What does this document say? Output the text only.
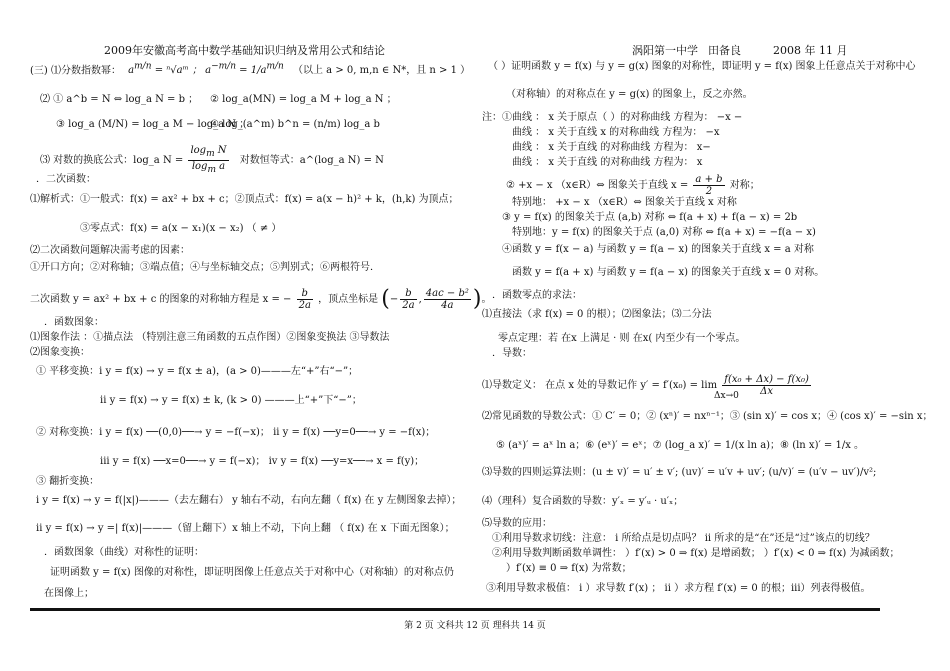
2009年安徽高考高中数学基础知识归纳及常用公式和结论	涡阳第一中学 田备良	2008 年 11 月
(三) ⑴分数指数幂： $a^{m/n}$ = ⁿ√aᵐ ； $a^{-m/n} = 1/a^{m/n}$ （以上 a > 0, m,n ∈ N*，且 n > 1 ）
⑵ ① a^b = N ⇔ log_a N = b ； ② log_a(MN) = log_a M + log_a N ；
③ log_a (M/N) = log_a M − log_a N ；
④ log_(a^m) b^n = (n/m) log_a b
⑶ 对数的换底公式：log_a $N = \frac{\log_m N}{\log_m a}$ 对数恒等式：a^(log_a N) = N
．二次函数：
⑴解析式：①一般式：f(x) = ax² + bx + c；②顶点式：f(x) = a(x − h)² + k，(h,k) 为顶点；
③零点式：f(x) = a(x − x₁)(x − x₂) （ ≠ ）
⑵二次函数问题解决需考虑的因素：
①开口方向；②对称轴；③端点值；④与坐标轴交点；⑤判别式；⑥两根符号．
二次函数 y = ax² + bx + c 的图象的对称轴方程是 x = − $\frac{b}{2a}$ ，顶点坐标是 (− $\frac{b}{2a}$ , $\frac{\text{4ac − b²}}{4a}$ )。
．函数图象：
⑴图象作法 ：①描点法 （特别注意三角函数的五点作图）②图象变换法 ③导数法
⑵图象变换：
① 平移变换：i y = f(x) → y = f(x ± a)，(a > 0)———左“+”右“−”；
ii y = f(x) → y = f(x) ± k, (k > 0) ———上“+”下“−”；
② 对称变换：i y = f(x) ──(0,0)──→ y = −f(−x)； ii y = f(x) ──y=0──→ y = −f(x)；
iii y = f(x) ──x=0──→ y = f(−x)； iv y = f(x) ──y=x──→ x = f(y)；
③ 翻折变换：
i y = f(x) → y = f(|x|)———（去左翻右） y 轴右不动，右向左翻（ f(x) 在 y 左侧图象去掉）；
ii y = f(x) → y =| f(x)|———（留上翻下）x 轴上不动，下向上翻 （ f(x) 在 x 下面无图象）；
．函数图象（曲线）对称性的证明：
证明函数 y = f(x) 图像的对称性，即证明图像上任意点关于对称中心（对称轴）的对称点仍
在图像上；
（ ）证明函数 y = f(x) 与 y = g(x) 图象的对称性，即证明 y = f(x) 图象上任意点关于对称中心
（对称轴）的对称点在 y = g(x) 的图象上，反之亦然。
注：①曲线 ： x 关于原点（ ）的对称曲线 方程为： −x −
曲线 ： x 关于直线 x 的对称曲线 方程为： −x
曲线 ： x 关于直线 的对称曲线 方程为： x−
曲线 ： x 关于直线 的对称曲线 方程为： x
② +x − x （x∈R）⇔ 图象关于直线 $x = \frac{a + b}{2}$ 对称；
特别地： +x − x （x∈R）⇔ 图象关于直线 x 对称
③ y = f(x) 的图象关于点 (a,b) 对称 ⇔ f(a + x) + f(a − x) = 2b
特别地：y = f(x) 的图象关于点 (a,0) 对称 ⇔ f(a + x) = −f(a − x)
④函数 y = f(x − a) 与函数 y = f(a − x) 的图象关于直线 x = a 对称
函数 y = f(a + x) 与函数 y = f(a − x) 的图象关于直线 x = 0 对称。
．函数零点的求法：
⑴直接法（求 f(x) = 0 的根）；⑵图象法；⑶二分法
零点定理：若 在x 上满足 · 则 在x( 内至少有一个零点。
．导数：
⑴导数定义： 在点 x 处的导数记作 $y' = f'(x_0) = \lim \frac{\text{f(x₀ + Δx) − f(x₀)}}{\Delta x}$
Δx→0
⑵常见函数的导数公式：① C′ = 0；② (xⁿ)′ = nxⁿ⁻¹；③ (sin x)′ = cos x；④ (cos x)′ = −sin x；
⑤ (aˣ)′ = aˣ ln a；⑥ (eˣ)′ = eˣ；⑦ (log_a x)′ = 1/(x ln a)；⑧ (ln x)′ = 1/x 。
⑶导数的四则运算法则：(u ± v)′ = u′ ± v′; (uv)′ = u′v + uv′; (u/v)′ = (u′v − uv′)/v²;
⑷（理科）复合函数的导数：y′ₓ = y′ᵤ · u′ₓ；
⑸导数的应用：
①利用导数求切线：注意： i 所给点是切点吗？ ii 所求的是“在”还是“过”该点的切线？
②利用导数判断函数单调性： ）f′(x) > 0 ⇒ f(x) 是增函数； ）f′(x) < 0 ⇒ f(x) 为减函数；
）f′(x) ≡ 0 ⇒ f(x) 为常数；
③利用导数求极值： i ）求导数 f′(x) ； ii ）求方程 f′(x) = 0 的根；iii）列表得极值。
第 2 页 文科共 12 页 理科共 14 页
